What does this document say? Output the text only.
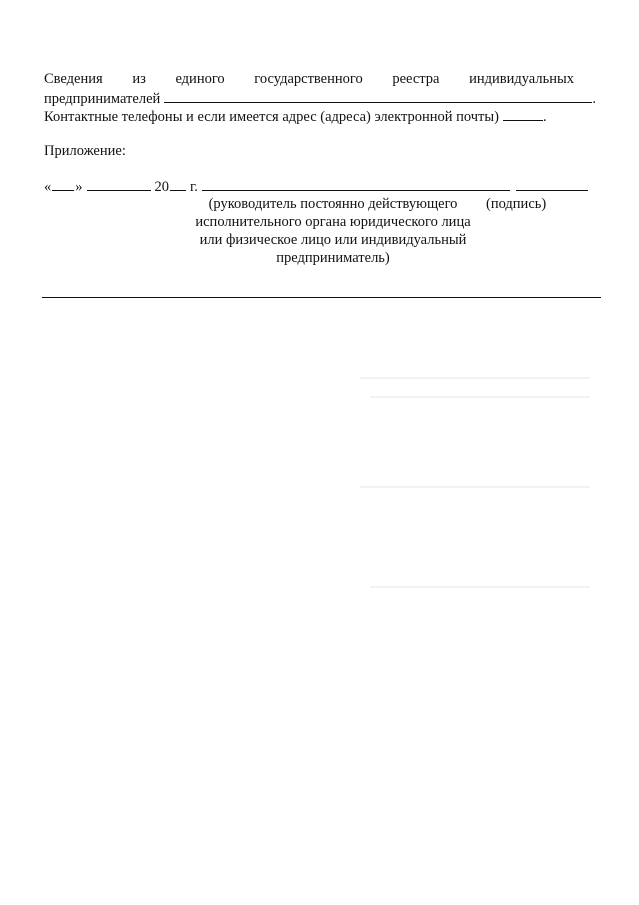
Сведения из единого государственного реестра индивидуальных
предпринимателей	.
Контактные телефоны и если имеется адрес (адреса) электронной почты)	.
Приложение:
« »	20 г.
(руководитель постоянно действующего
исполнительного органа юридического лица
или физическое лицо или индивидуальный
предприниматель)
(подпись)
